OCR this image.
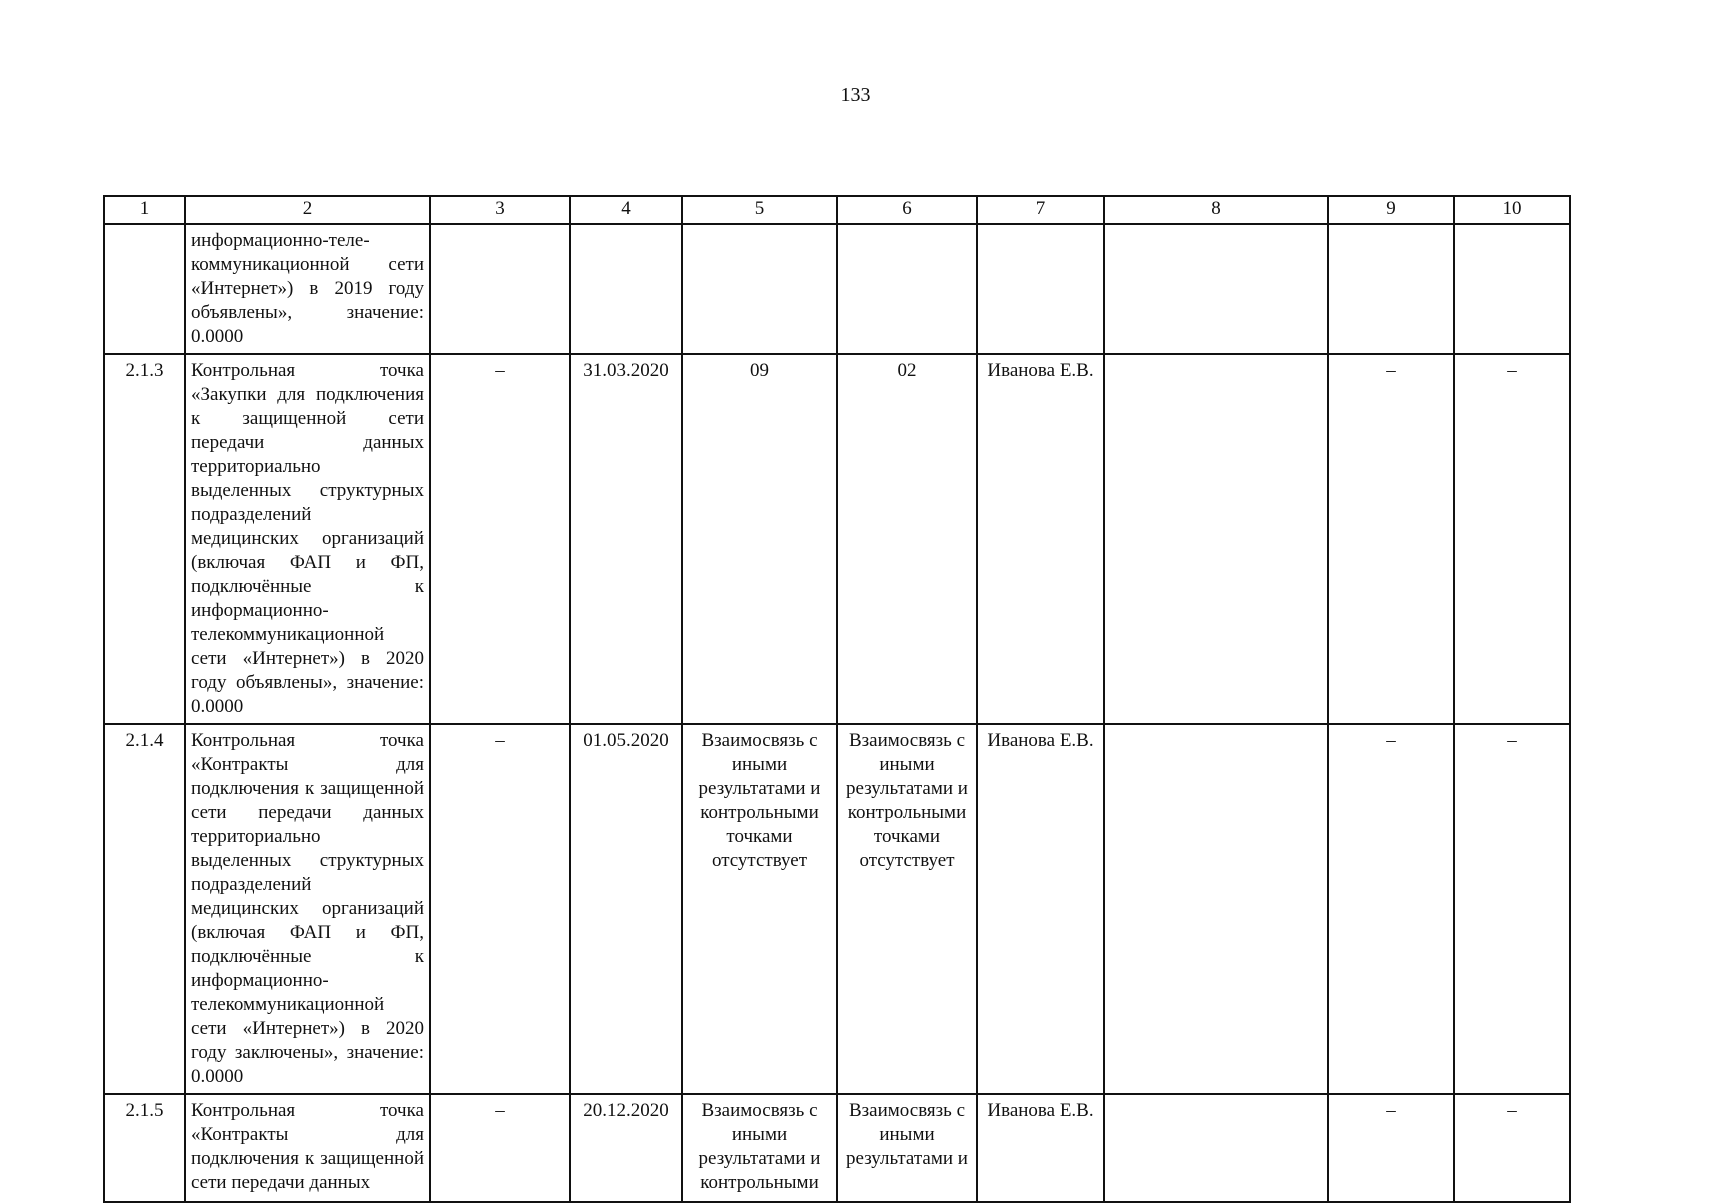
133
1	2	3	4	5	6	7	8	9	10
	информационно-теле-коммуникационной сети «Интернет») в 2019 году объявлены», значение: 0.0000								
2.1.3	Контрольная точка «Закупки для подключения к защищенной сети передачи данных территориально выделенных структурных подразделений медицинских организаций (включая ФАП и ФП, подключённые к информационно-телекоммуникационной сети «Интернет») в 2020 году объявлены», значение: 0.0000	–	31.03.2020	09	02	Иванова Е.В.		–	–
2.1.4	Контрольная точка «Контракты для подключения к защищенной сети передачи данных территориально выделенных структурных подразделений медицинских организаций (включая ФАП и ФП, подключённые к информационно-телекоммуникационной сети «Интернет») в 2020 году заключены», значение: 0.0000	–	01.05.2020	Взаимосвязь с иными результатами и контрольными точками отсутствует	Взаимосвязь с иными результатами и контрольными точками отсутствует	Иванова Е.В.		–	–
2.1.5	Контрольная точка «Контракты для подключения к защищенной сети передачи данных	–	20.12.2020	Взаимосвязь с иными результатами и контрольными	Взаимосвязь с иными результатами и	Иванова Е.В.		–	–
